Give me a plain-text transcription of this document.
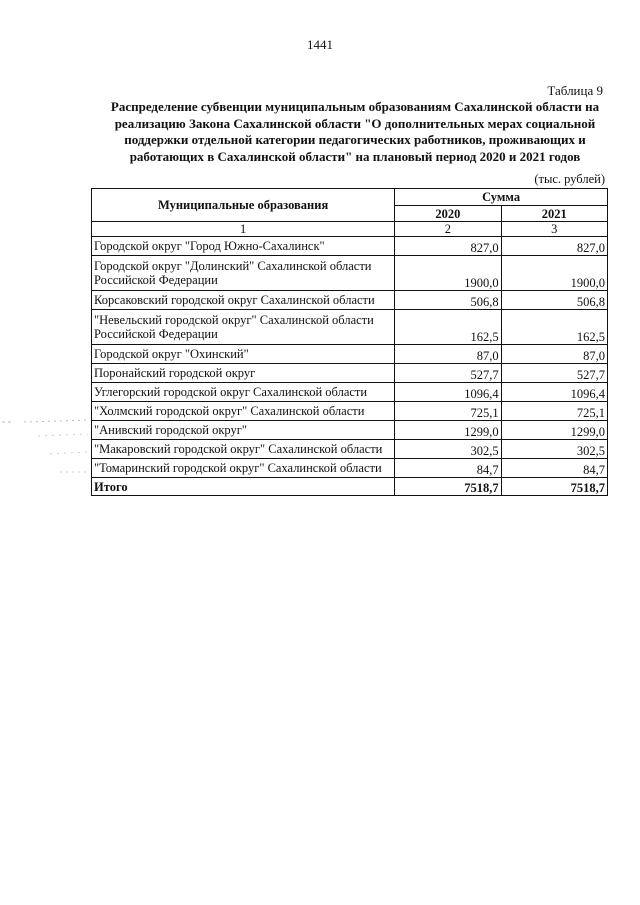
1441
Таблица 9
Распределение субвенции муниципальным образованиям Сахалинской области на реализацию Закона Сахалинской области "О дополнительных мерах социальной поддержки отдельной категории педагогических работников, проживающих и работающих в Сахалинской области" на плановый период 2020 и 2021 годов
(тыс. рублей)
Муниципальные образования	Сумма	
	2020	2021
1	2	3
Городской округ "Город Южно-Сахалинск"	827,0	827,0
Городской округ "Долинский" Сахалинской области Российской Федерации	1900,0	1900,0
Корсаковский городской округ Сахалинской области	506,8	506,8
"Невельский городской округ" Сахалинской области Российской Федерации	162,5	162,5
Городской округ "Охинский"	87,0	87,0
Поронайский городской округ	527,7	527,7
Углегорский городской округ Сахалинской области	1096,4	1096,4
"Холмский городской округ" Сахалинской области	725,1	725,1
"Анивский городской округ"	1299,0	1299,0
"Макаровский городской округ" Сахалинской области	302,5	302,5
"Томаринский городской округ" Сахалинской области	84,7	84,7
Итого	7518,7	7518,7
